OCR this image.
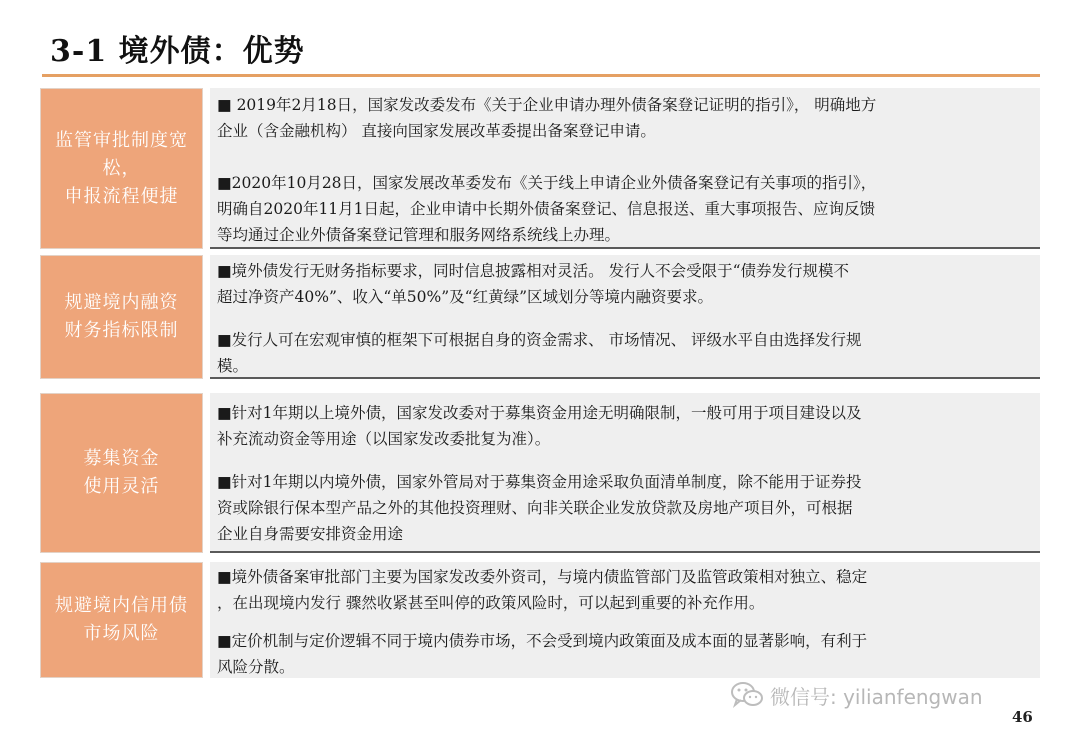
3-1 境外债：优势
监管审批制度宽松，
申报流程便捷
■ 2019年2月18日，国家发改委发布《关于企业申请办理外债备案登记证明的指引》， 明确地方
企业（含金融机构） 直接向国家发展改革委提出备案登记申请。
■2020年10月28日，国家发展改革委发布《关于线上申请企业外债备案登记有关事项的指引》，
明确自2020年11月1日起，企业申请中长期外债备案登记、信息报送、重大事项报告、应询反馈
等均通过企业外债备案登记管理和服务网络系统线上办理。
规避境内融资
财务指标限制
■境外债发行无财务指标要求，同时信息披露相对灵活。 发行人不会受限于“债券发行规模不
超过净资产40%”、收入“单50%”及“红黄绿”区域划分等境内融资要求。
■发行人可在宏观审慎的框架下可根据自身的资金需求、 市场情况、 评级水平自由选择发行规
模。
募集资金
使用灵活
■针对1年期以上境外债，国家发改委对于募集资金用途无明确限制，一般可用于项目建设以及
补充流动资金等用途（以国家发改委批复为准）。
■针对1年期以内境外债，国家外管局对于募集资金用途采取负面清单制度，除不能用于证券投
资或除银行保本型产品之外的其他投资理财、向非关联企业发放贷款及房地产项目外，可根据
企业自身需要安排资金用途
规避境内信用债
市场风险
■境外债备案审批部门主要为国家发改委外资司，与境内债监管部门及监管政策相对独立、稳定
，在出现境内发行 骤然收紧甚至叫停的政策风险时，可以起到重要的补充作用。
■定价机制与定价逻辑不同于境内债券市场，不会受到境内政策面及成本面的显著影响，有利于
风险分散。
微信号: yilianfengwan
46
